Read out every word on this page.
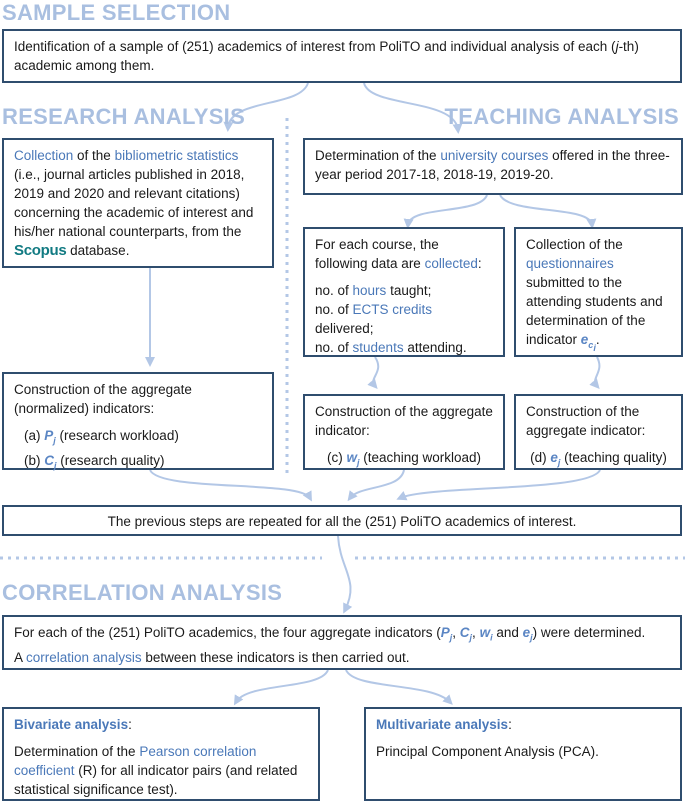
SAMPLE SELECTION
RESEARCH ANALYSIS	TEACHING ANALYSIS
CORRELATION ANALYSIS
Identification of a sample of (251) academics of interest from PoliTO and individual analysis of each (j-th) academic among them.
Collection of the bibliometric statistics (i.e., journal articles published in 2018, 2019 and 2020 and relevant citations) concerning the academic of interest and his/her national counterparts, from the Scopus database.
Determination of the university courses offered in the three-year period 2017-18, 2018-19, 2019-20.

For each course, the following data are collected:

no. of hours taught;
no. of ECTS credits delivered;
no. of students attending.

Collection of the questionnaires submitted to the attending students and determination of the indicator $e_{c_i}$.

Construction of the aggregate (normalized) indicators:

(a) $P_j$ (research workload)
(b) $C_j$ (research quality)

Construction of the aggregate indicator:

(c) $w_j$ (teaching workload)

Construction of the aggregate indicator:

(d) $e_j$ (teaching quality)

The previous steps are repeated for all the (251) PoliTO academics of interest.

For each of the (251) PoliTO academics, the four aggregate indicators ($P_j$, $C_j$, $w_i$ and $e_j$) were determined.

A correlation analysis between these indicators is then carried out.

Bivariate analysis:

Determination of the Pearson correlation coefficient (R) for all indicator pairs (and related statistical significance test).

Multivariate analysis:

Principal Component Analysis (PCA).
